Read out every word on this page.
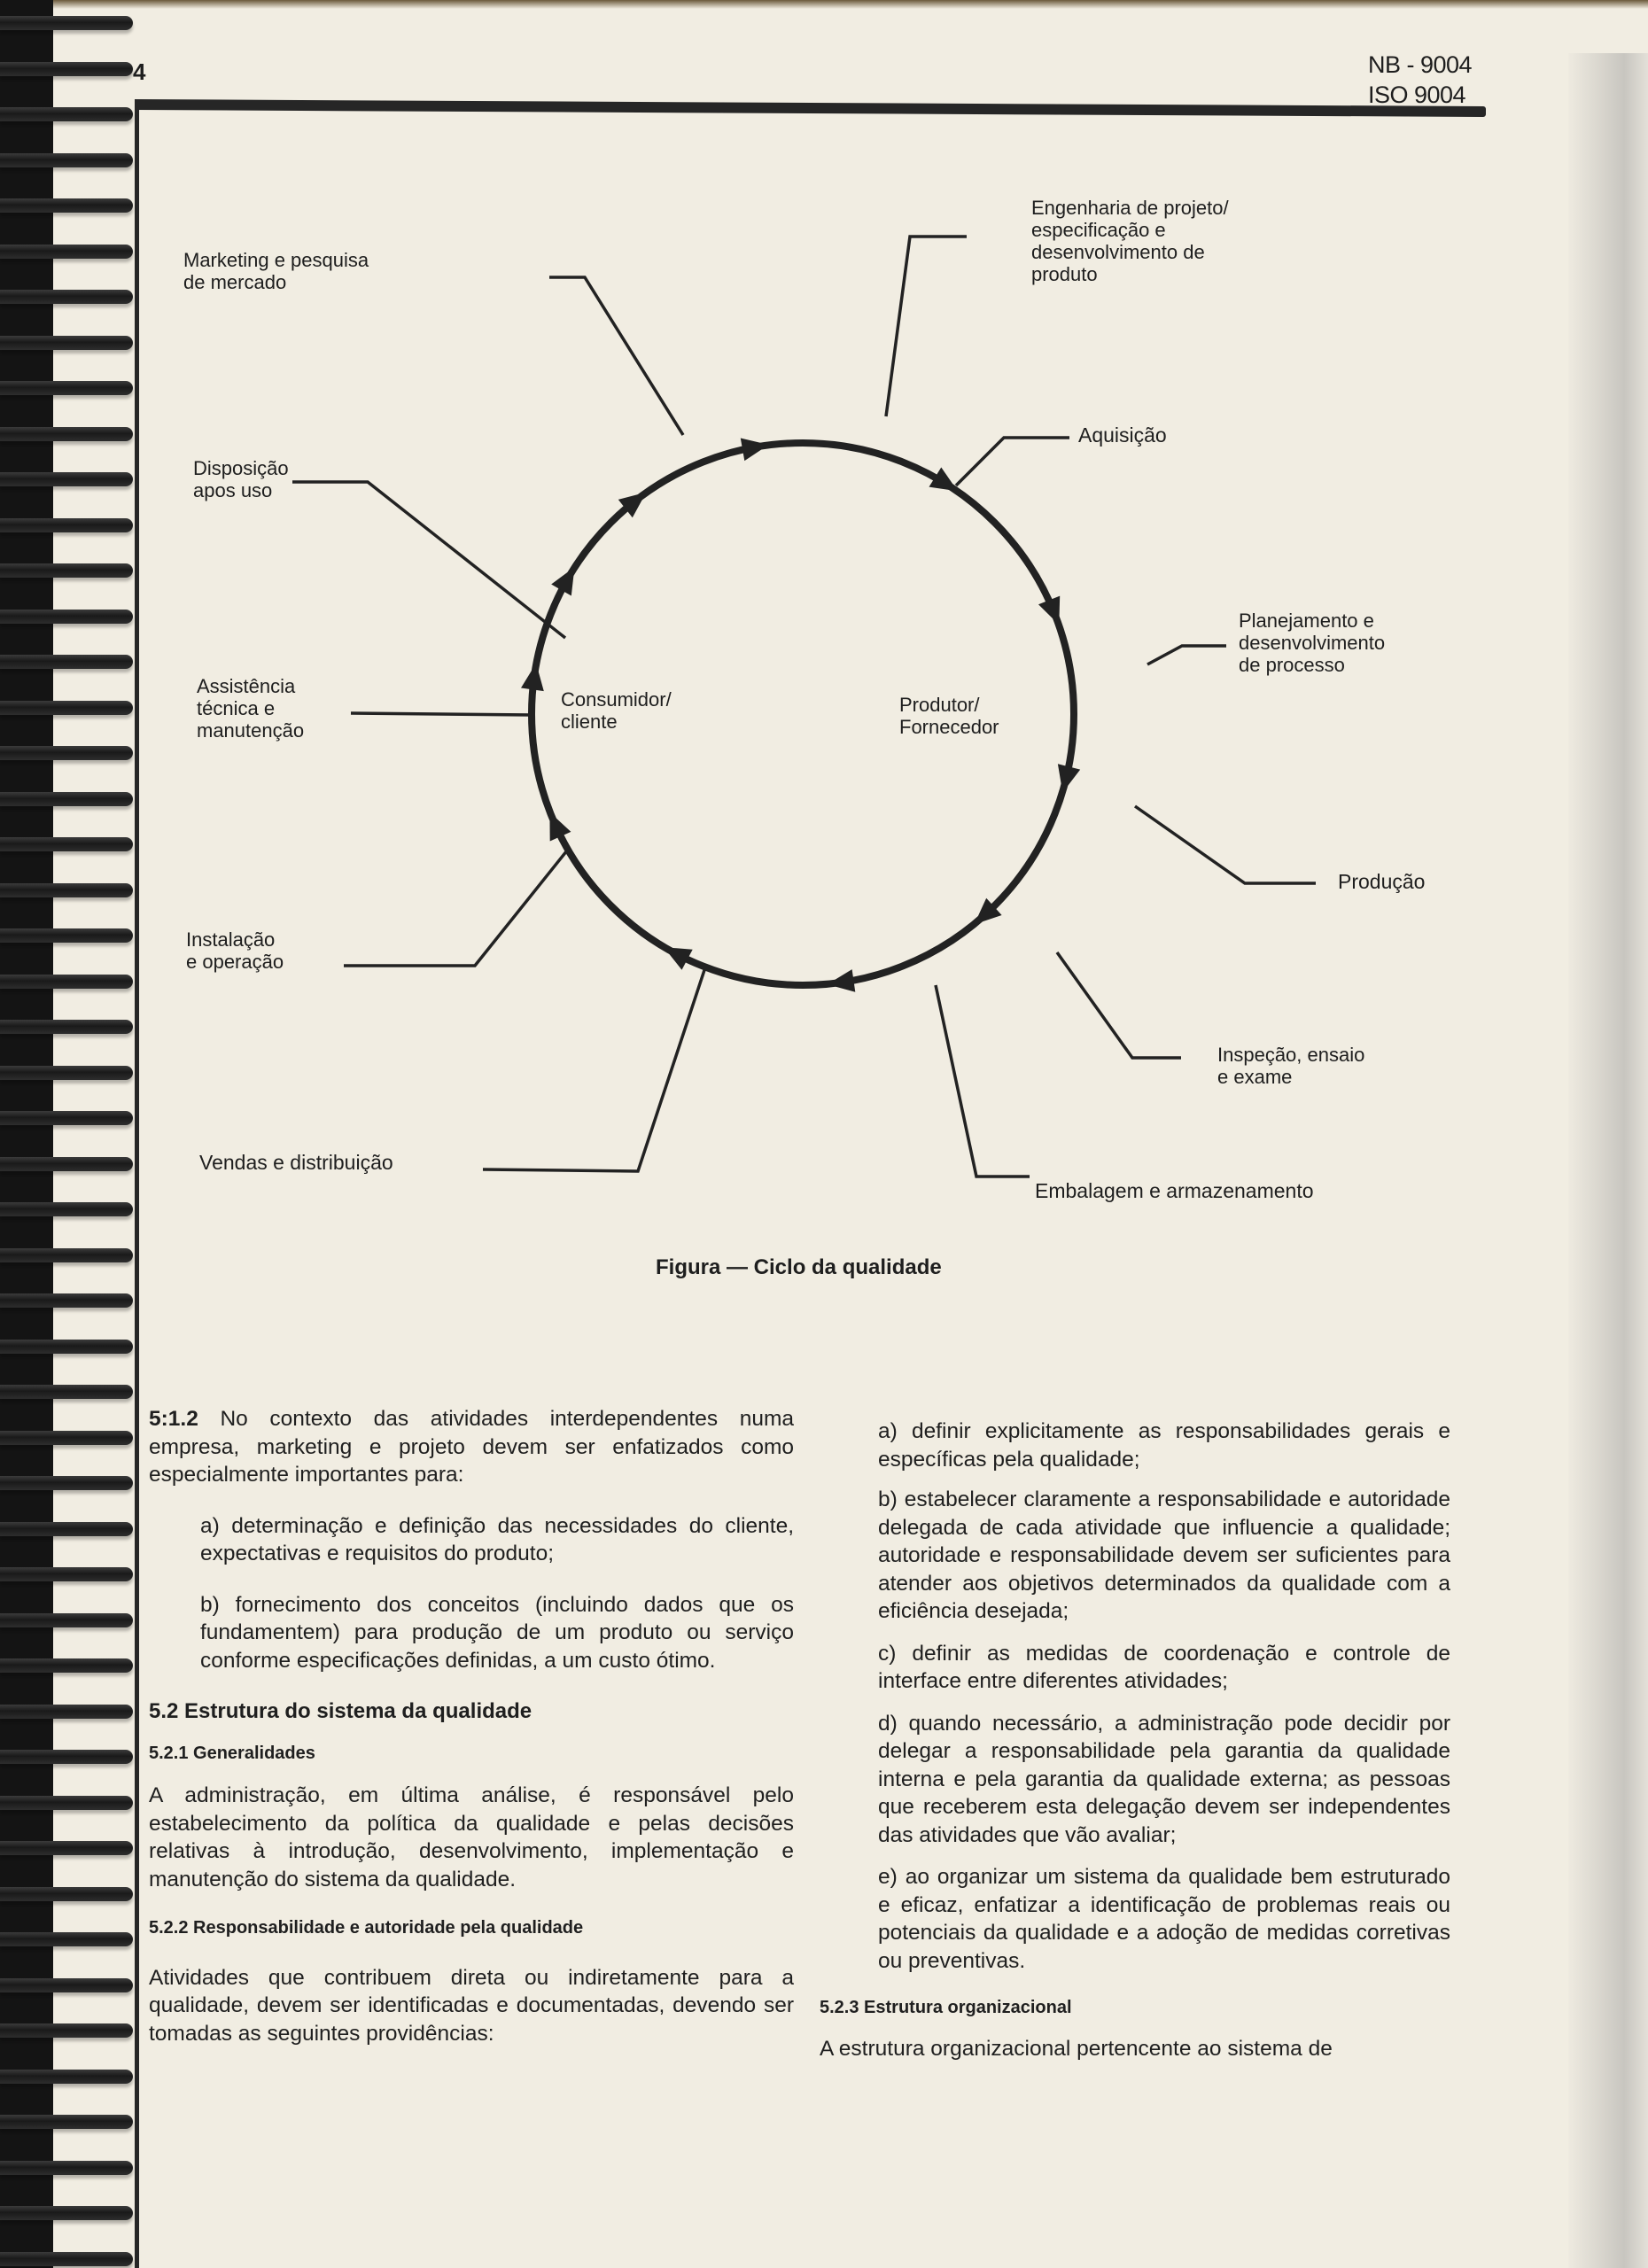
4	NB - 9004
ISO 9004
Marketing e pesquisa
de mercado
Engenharia de projeto/
especificação e
desenvolvimento de
produto
Aquisição
Planejamento e
desenvolvimento
de processo
Produção
Inspeção, ensaio
e exame
Embalagem e armazenamento
Vendas e distribuição
Instalação
e operação
Assistência
técnica e
manutenção
Disposição
apos uso
Consumidor/
cliente
Produtor/
Fornecedor
Figura — Ciclo da qualidade

5:1.2 No contexto das atividades interdependentes numa empresa, marketing e projeto devem ser enfatizados como especialmente importantes para:

a) determinação e definição das necessidades do cliente, expectativas e requisitos do produto;

b) fornecimento dos conceitos (incluindo dados que os fundamentem) para produção de um produto ou serviço conforme especificações definidas, a um custo ótimo.

5.2 Estrutura do sistema da qualidade

5.2.1 Generalidades

A administração, em última análise, é responsável pelo estabelecimento da política da qualidade e pelas decisões relativas à introdução, desenvolvimento, implementação e manutenção do sistema da qualidade.

5.2.2 Responsabilidade e autoridade pela qualidade

Atividades que contribuem direta ou indiretamente para a qualidade, devem ser identificadas e documentadas, devendo ser tomadas as seguintes providências:

a) definir explicitamente as responsabilidades gerais e específicas pela qualidade;

b) estabelecer claramente a responsabilidade e autoridade delegada de cada atividade que influencie a qualidade; autoridade e responsabilidade devem ser suficientes para atender aos objetivos determinados da qualidade com a eficiência desejada;

c) definir as medidas de coordenação e controle de interface entre diferentes atividades;

d) quando necessário, a administração pode decidir por delegar a responsabilidade pela garantia da qualidade interna e pela garantia da qualidade externa; as pessoas que receberem esta delegação devem ser independentes das atividades que vão avaliar;

e) ao organizar um sistema da qualidade bem estruturado e eficaz, enfatizar a identificação de problemas reais ou potenciais da qualidade e a adoção de medidas corretivas ou preventivas.

5.2.3 Estrutura organizacional

A estrutura organizacional pertencente ao sistema de
